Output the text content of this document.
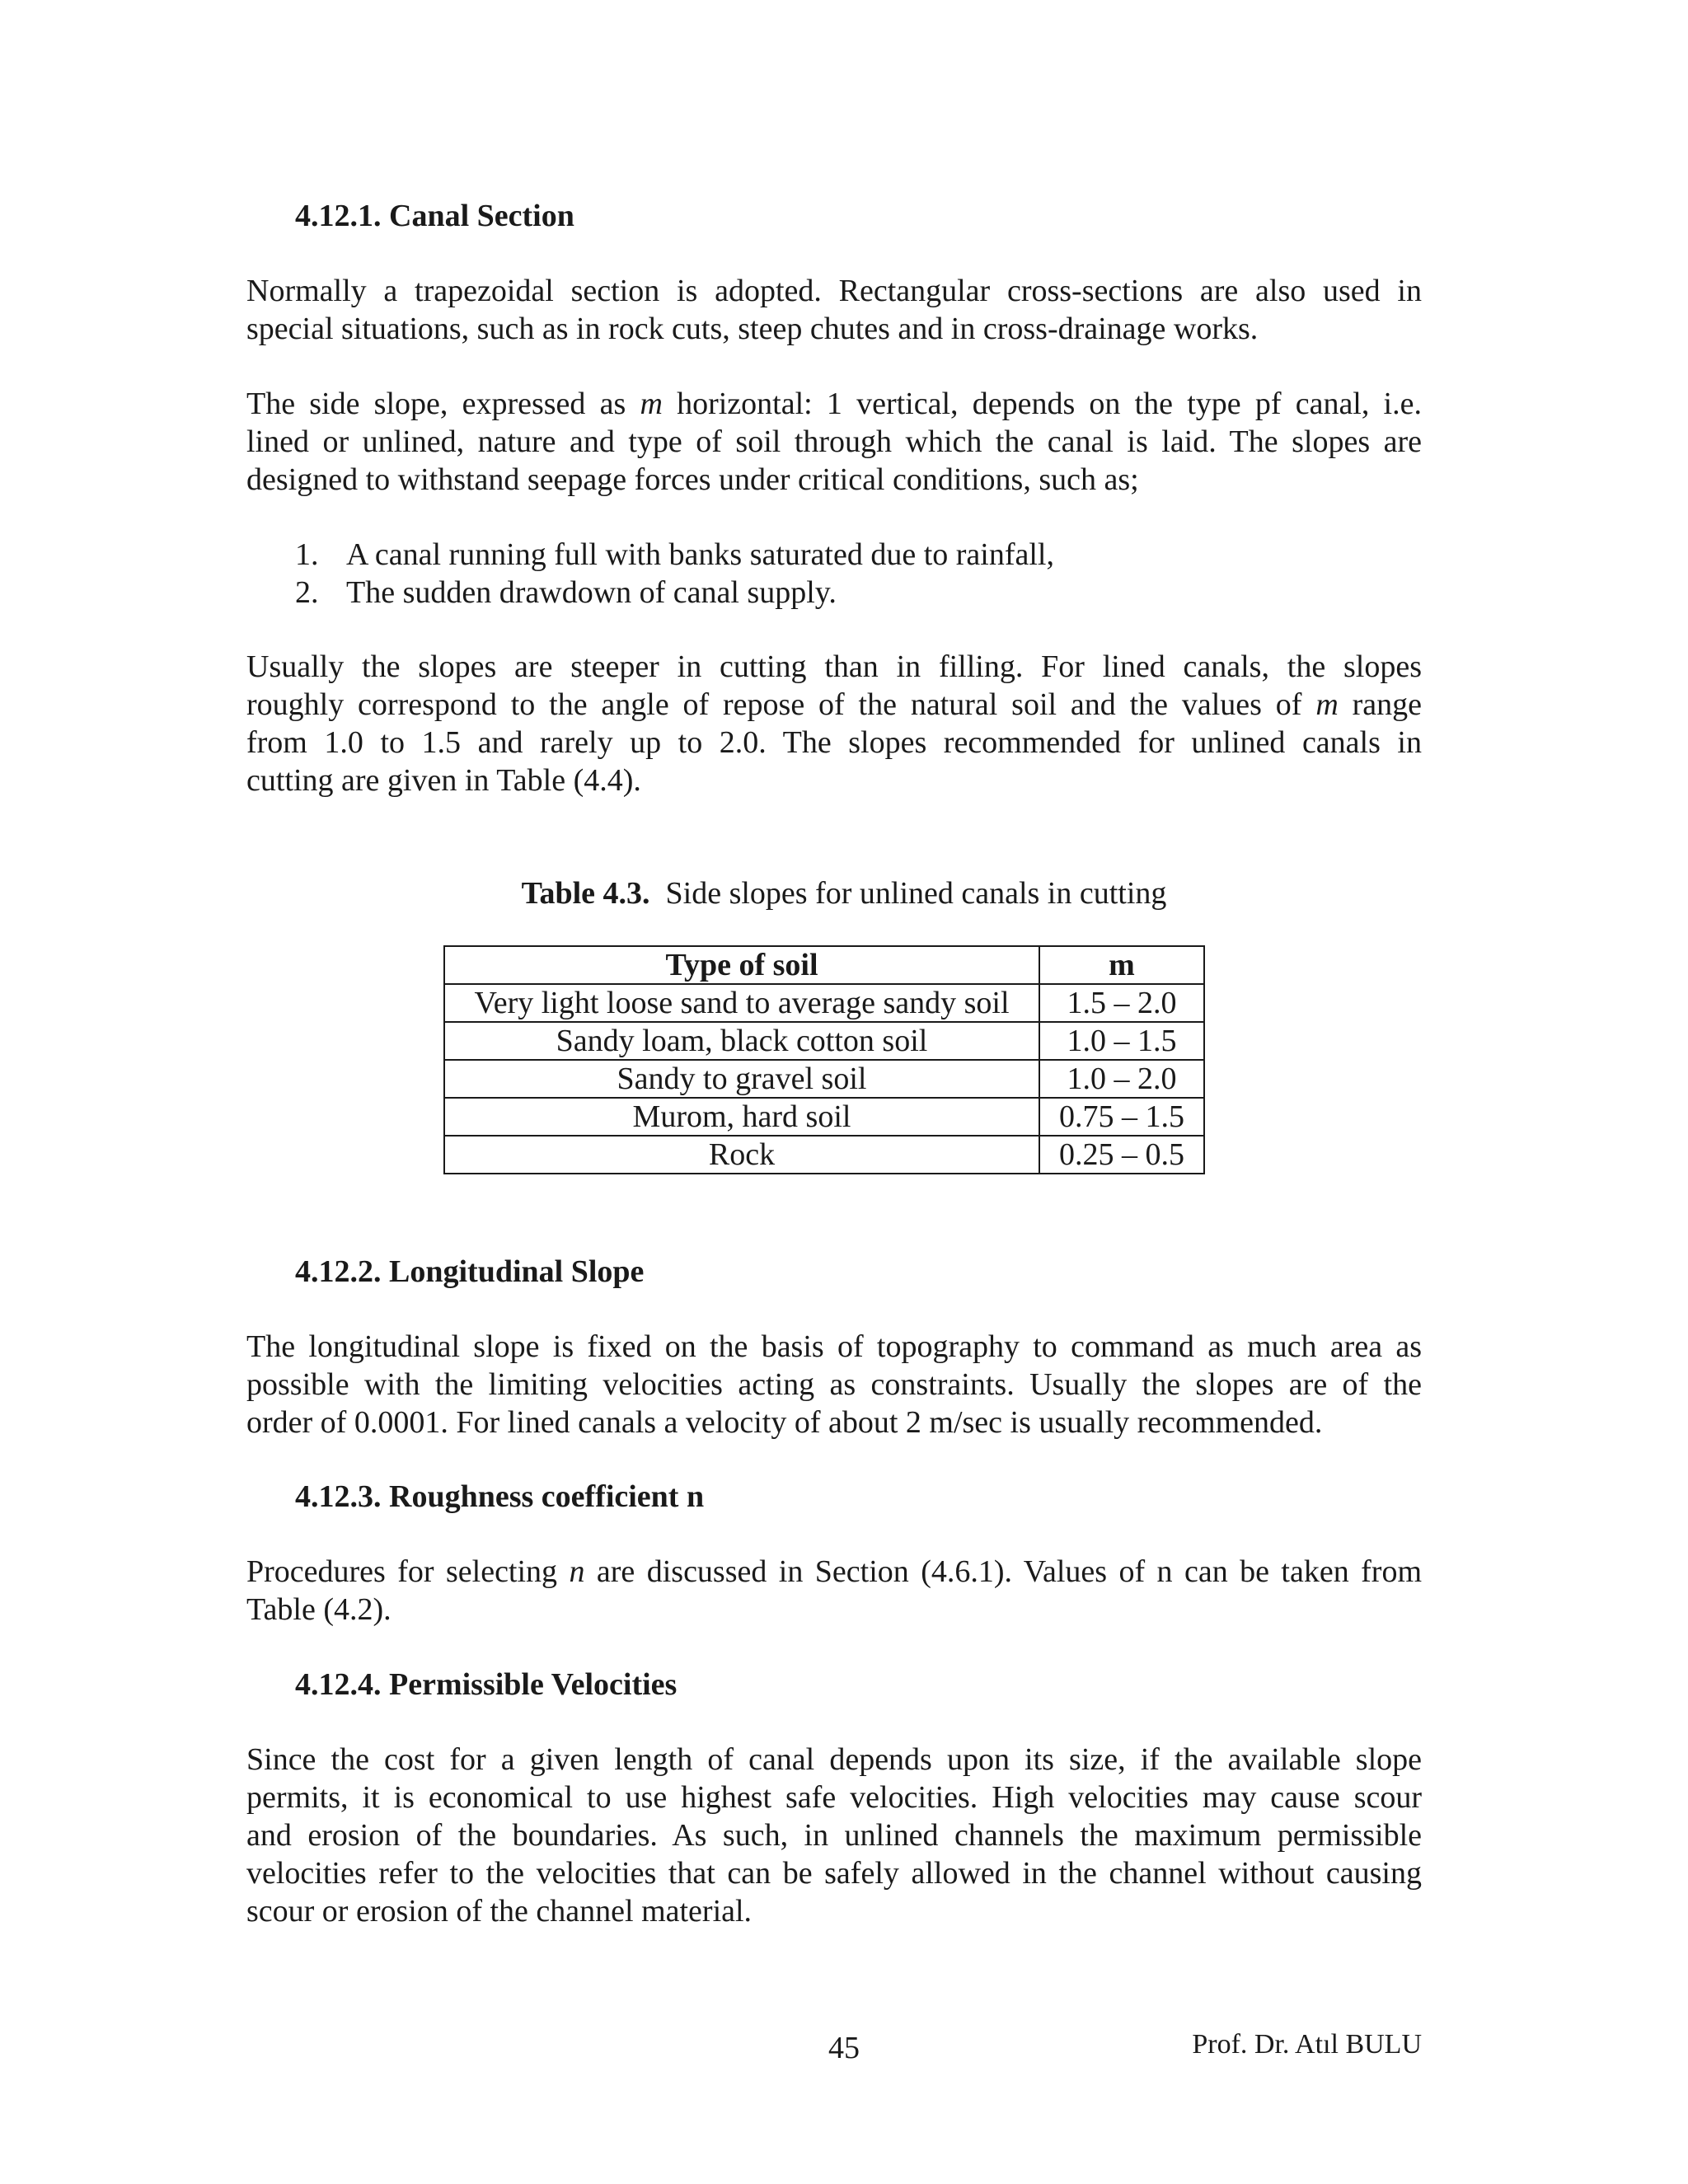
4.12.1. Canal Section

Normally a trapezoidal section is adopted. Rectangular cross-sections are also used in
special situations, such as in rock cuts, steep chutes and in cross-drainage works.

The side slope, expressed as m horizontal: 1 vertical, depends on the type pf canal, i.e.
lined or unlined, nature and type of soil through which the canal is laid. The slopes are
designed to withstand seepage forces under critical conditions, such as;

1. A canal running full with banks saturated due to rainfall,
2. The sudden drawdown of canal supply.

Usually the slopes are steeper in cutting than in filling. For lined canals, the slopes
roughly correspond to the angle of repose of the natural soil and the values of m range
from 1.0 to 1.5 and rarely up to 2.0. The slopes recommended for unlined canals in
cutting are given in Table (4.4).

Table 4.3.  Side slopes for unlined canals in cutting
Type of soil	m
Very light loose sand to average sandy soil	1.5 – 2.0
Sandy loam, black cotton soil	1.0 – 1.5
Sandy to gravel soil	1.0 – 2.0
Murom, hard soil	0.75 – 1.5
Rock	0.25 – 0.5
4.12.2. Longitudinal Slope

The longitudinal slope is fixed on the basis of topography to command as much area as
possible with the limiting velocities acting as constraints. Usually the slopes are of the
order of 0.0001. For lined canals a velocity of about 2 m/sec is usually recommended.

4.12.3. Roughness coefficient n

Procedures for selecting n are discussed in Section (4.6.1). Values of n can be taken from
Table (4.2).

4.12.4. Permissible Velocities

Since the cost for a given length of canal depends upon its size, if the available slope
permits, it is economical to use highest safe velocities. High velocities may cause scour
and erosion of the boundaries. As such, in unlined channels the maximum permissible
velocities refer to the velocities that can be safely allowed in the channel without causing
scour or erosion of the channel material.

45	Prof. Dr. Atıl BULU
